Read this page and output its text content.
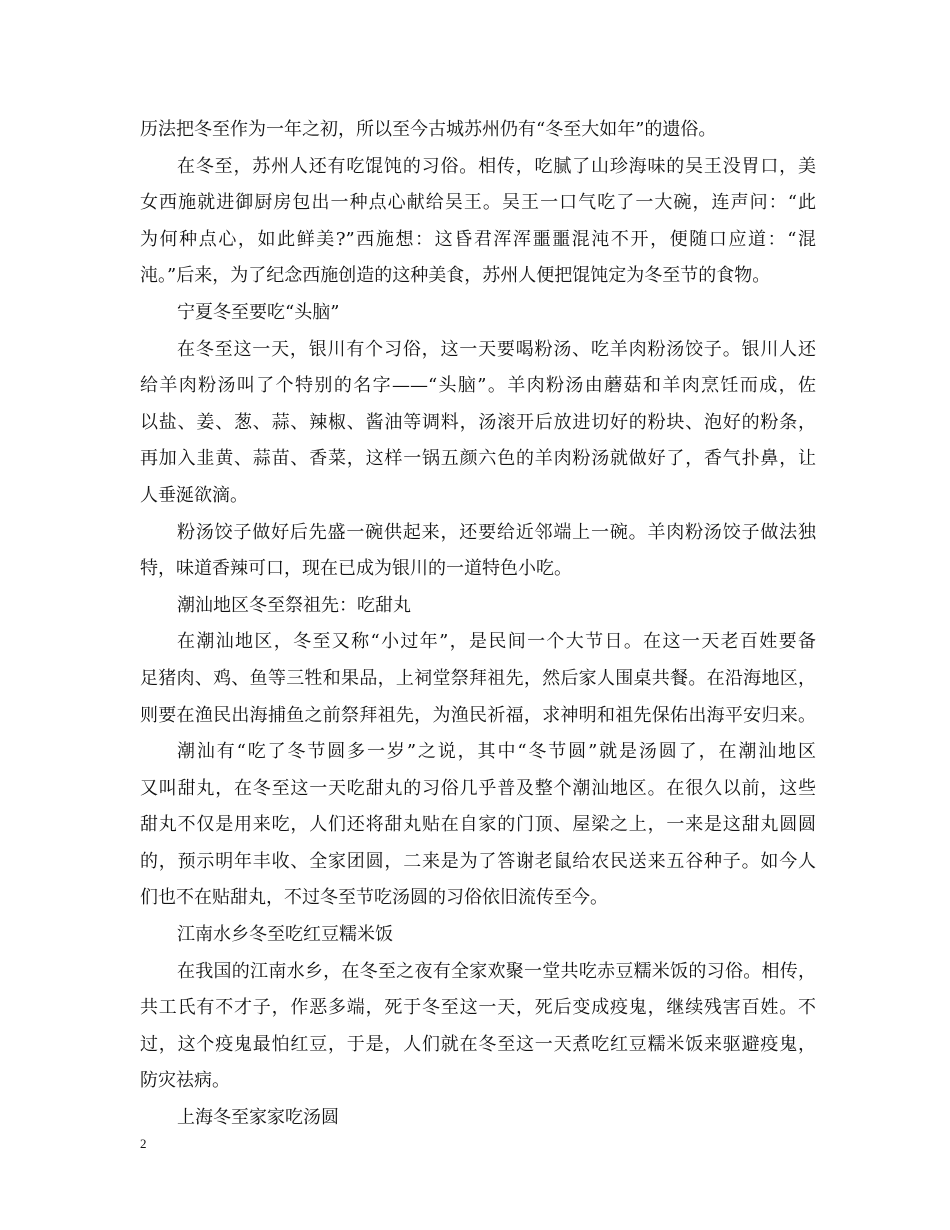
历法把冬至作为一年之初，所以至今古城苏州仍有“冬至大如年”的遗俗。
在冬至，苏州人还有吃馄饨的习俗。相传，吃腻了山珍海味的吴王没胃口，美
女西施就进御厨房包出一种点心献给吴王。吴王一口气吃了一大碗，连声问：“此
为何种点心，如此鲜美?”西施想：这昏君浑浑噩噩混沌不开，便随口应道：“混
沌。”后来，为了纪念西施创造的这种美食，苏州人便把馄饨定为冬至节的食物。
宁夏冬至要吃“头脑”
在冬至这一天，银川有个习俗，这一天要喝粉汤、吃羊肉粉汤饺子。银川人还
给羊肉粉汤叫了个特别的名字——“头脑”。羊肉粉汤由蘑菇和羊肉烹饪而成，佐
以盐、姜、葱、蒜、辣椒、酱油等调料，汤滚开后放进切好的粉块、泡好的粉条，
再加入韭黄、蒜苗、香菜，这样一锅五颜六色的羊肉粉汤就做好了，香气扑鼻，让
人垂涎欲滴。
粉汤饺子做好后先盛一碗供起来，还要给近邻端上一碗。羊肉粉汤饺子做法独
特，味道香辣可口，现在已成为银川的一道特色小吃。
潮汕地区冬至祭祖先：吃甜丸
在潮汕地区，冬至又称“小过年”，是民间一个大节日。在这一天老百姓要备
足猪肉、鸡、鱼等三牲和果品，上祠堂祭拜祖先，然后家人围桌共餐。在沿海地区，
则要在渔民出海捕鱼之前祭拜祖先，为渔民祈福，求神明和祖先保佑出海平安归来。
潮汕有“吃了冬节圆多一岁”之说，其中“冬节圆”就是汤圆了，在潮汕地区
又叫甜丸，在冬至这一天吃甜丸的习俗几乎普及整个潮汕地区。在很久以前，这些
甜丸不仅是用来吃，人们还将甜丸贴在自家的门顶、屋梁之上，一来是这甜丸圆圆
的，预示明年丰收、全家团圆，二来是为了答谢老鼠给农民送来五谷种子。如今人
们也不在贴甜丸，不过冬至节吃汤圆的习俗依旧流传至今。
江南水乡冬至吃红豆糯米饭
在我国的江南水乡，在冬至之夜有全家欢聚一堂共吃赤豆糯米饭的习俗。相传，
共工氏有不才子，作恶多端，死于冬至这一天，死后变成疫鬼，继续残害百姓。不
过，这个疫鬼最怕红豆，于是，人们就在冬至这一天煮吃红豆糯米饭来驱避疫鬼，
防灾祛病。
上海冬至家家吃汤圆
2
